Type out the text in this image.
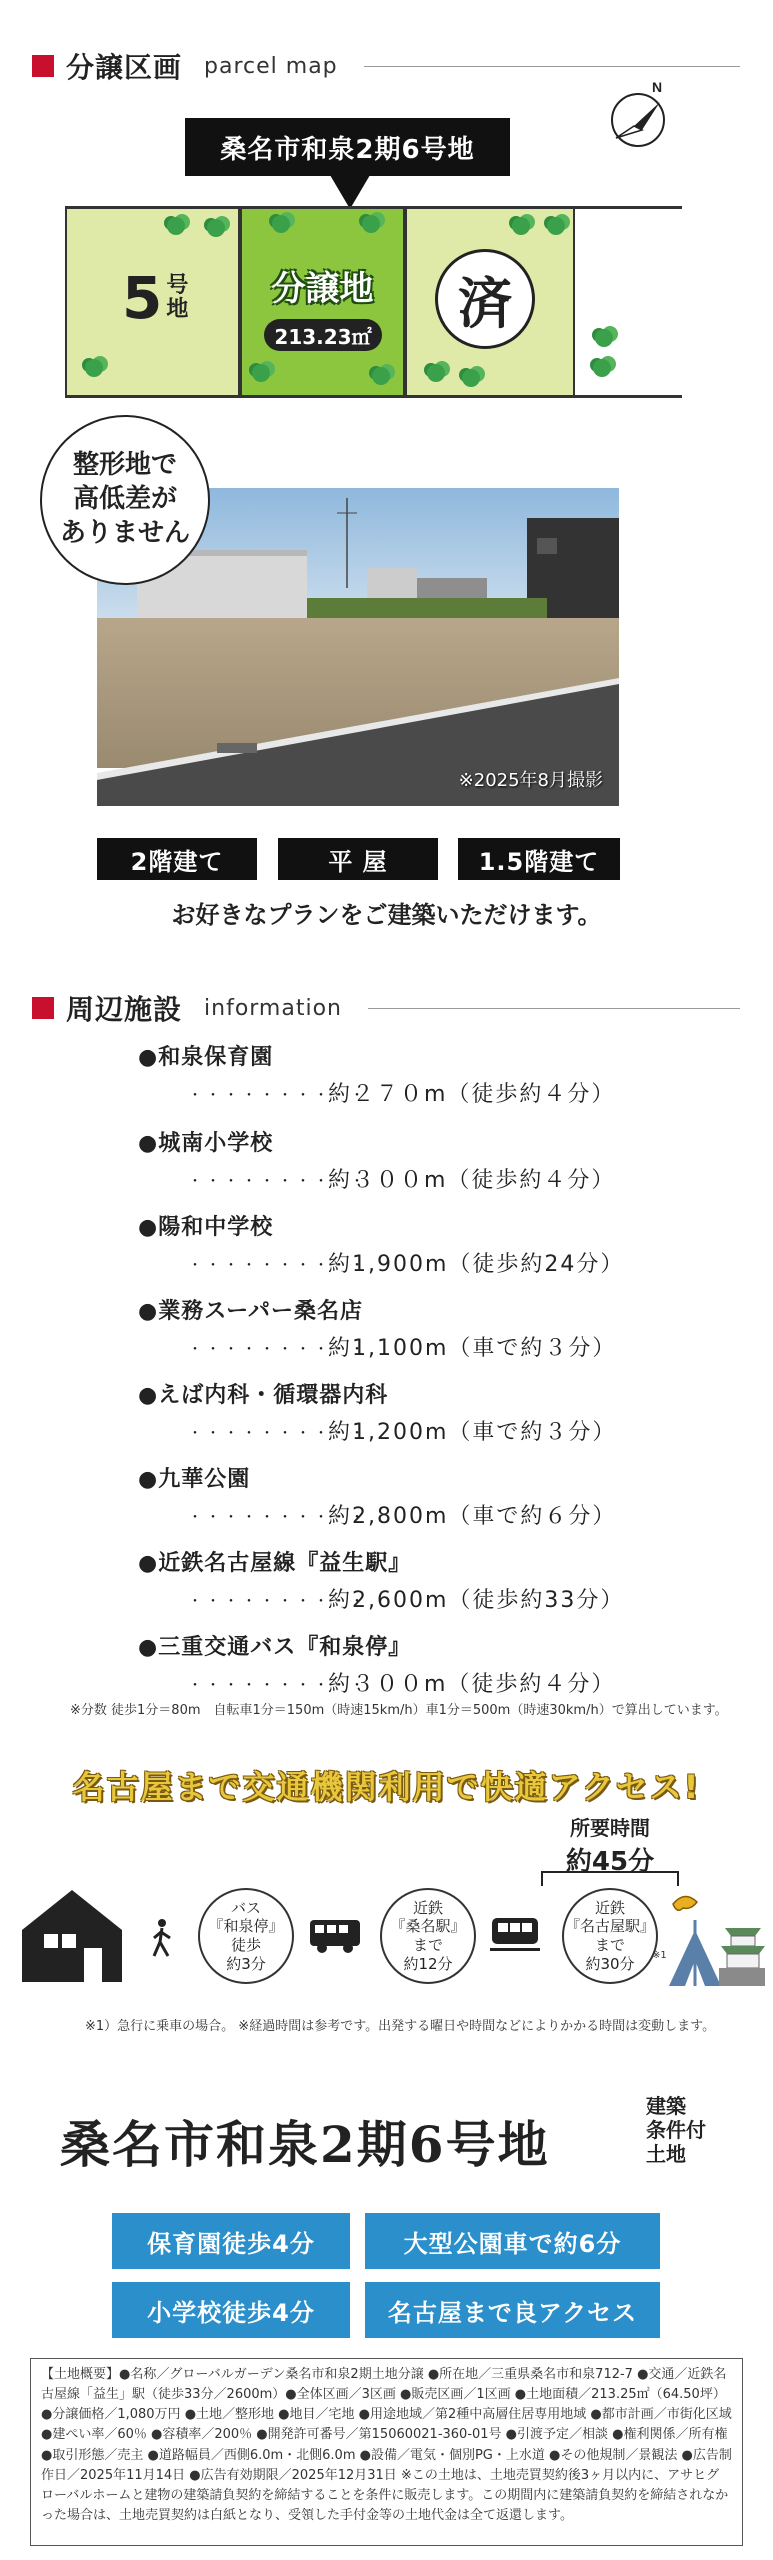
分譲区画 parcel map
N
桑名市和泉2期6号地
5 号
地
分譲地
213.23㎡
済
整形地で
高低差が
ありません
※2025年8月撮影
2階建て	平 屋	1.5階建て
お好きなプランをご建築いただけます。
周辺施設 information
●和泉保育園
・・・・・・・・・・約２７０m（徒歩約４分）
●城南小学校
・・・・・・・・・・約３００m（徒歩約４分）
●陽和中学校
・・・・・・・・・・約1,900m（徒歩約24分）
●業務スーパー桑名店
・・・・・・・・・・約1,100m（車で約３分）
●えば内科・循環器内科
・・・・・・・・・・約1,200m（車で約３分）
●九華公園
・・・・・・・・・・約2,800m（車で約６分）
●近鉄名古屋線『益生駅』
・・・・・・・・・・約2,600m（徒歩約33分）
●三重交通バス『和泉停』
・・・・・・・・・・約３００m（徒歩約４分）
※分数 徒歩1分＝80m　自転車1分＝150m（時速15km/h）車1分＝500m（時速30km/h）で算出しています。
名古屋まで交通機関利用で快適アクセス!
所要時間
約45分
バス
『和泉停』
徒歩
約3分
近鉄
『桑名駅』
まで
約12分
近鉄
『名古屋駅』
まで
約30分 ※1
※1）急行に乗車の場合。 ※経過時間は参考です。出発する曜日や時間などによりかかる時間は変動します。
桑名市和泉2期6号地
建築
条件付
土地
保育園徒歩4分	大型公園車で約6分
小学校徒歩4分	名古屋まで良アクセス
【土地概要】●名称／グローバルガーデン桑名市和泉2期土地分譲 ●所在地／三重県桑名市和泉712-7 ●交通／近鉄名古屋線「益生」駅（徒歩33分／2600m）●全体区画／3区画 ●販売区画／1区画 ●土地面積／213.25㎡（64.50坪）●分譲価格／1,080万円 ●土地／整形地 ●地目／宅地 ●用途地域／第2種中高層住居専用地域 ●都市計画／市街化区域 ●建ぺい率／60％ ●容積率／200％ ●開発許可番号／第15060021-360-01号 ●引渡予定／相談 ●権利関係／所有権 ●取引形態／売主 ●道路幅員／西側6.0m・北側6.0m ●設備／電気・個別PG・上水道 ●その他規制／景観法 ●広告制作日／2025年11月14日 ●広告有効期限／2025年12月31日 ※この土地は、土地売買契約後3ヶ月以内に、アサヒグローバルホームと建物の建築請負契約を締結することを条件に販売します。この期間内に建築請負契約を締結されなかった場合は、土地売買契約は白紙となり、受領した手付金等の土地代金は全て返還します。
